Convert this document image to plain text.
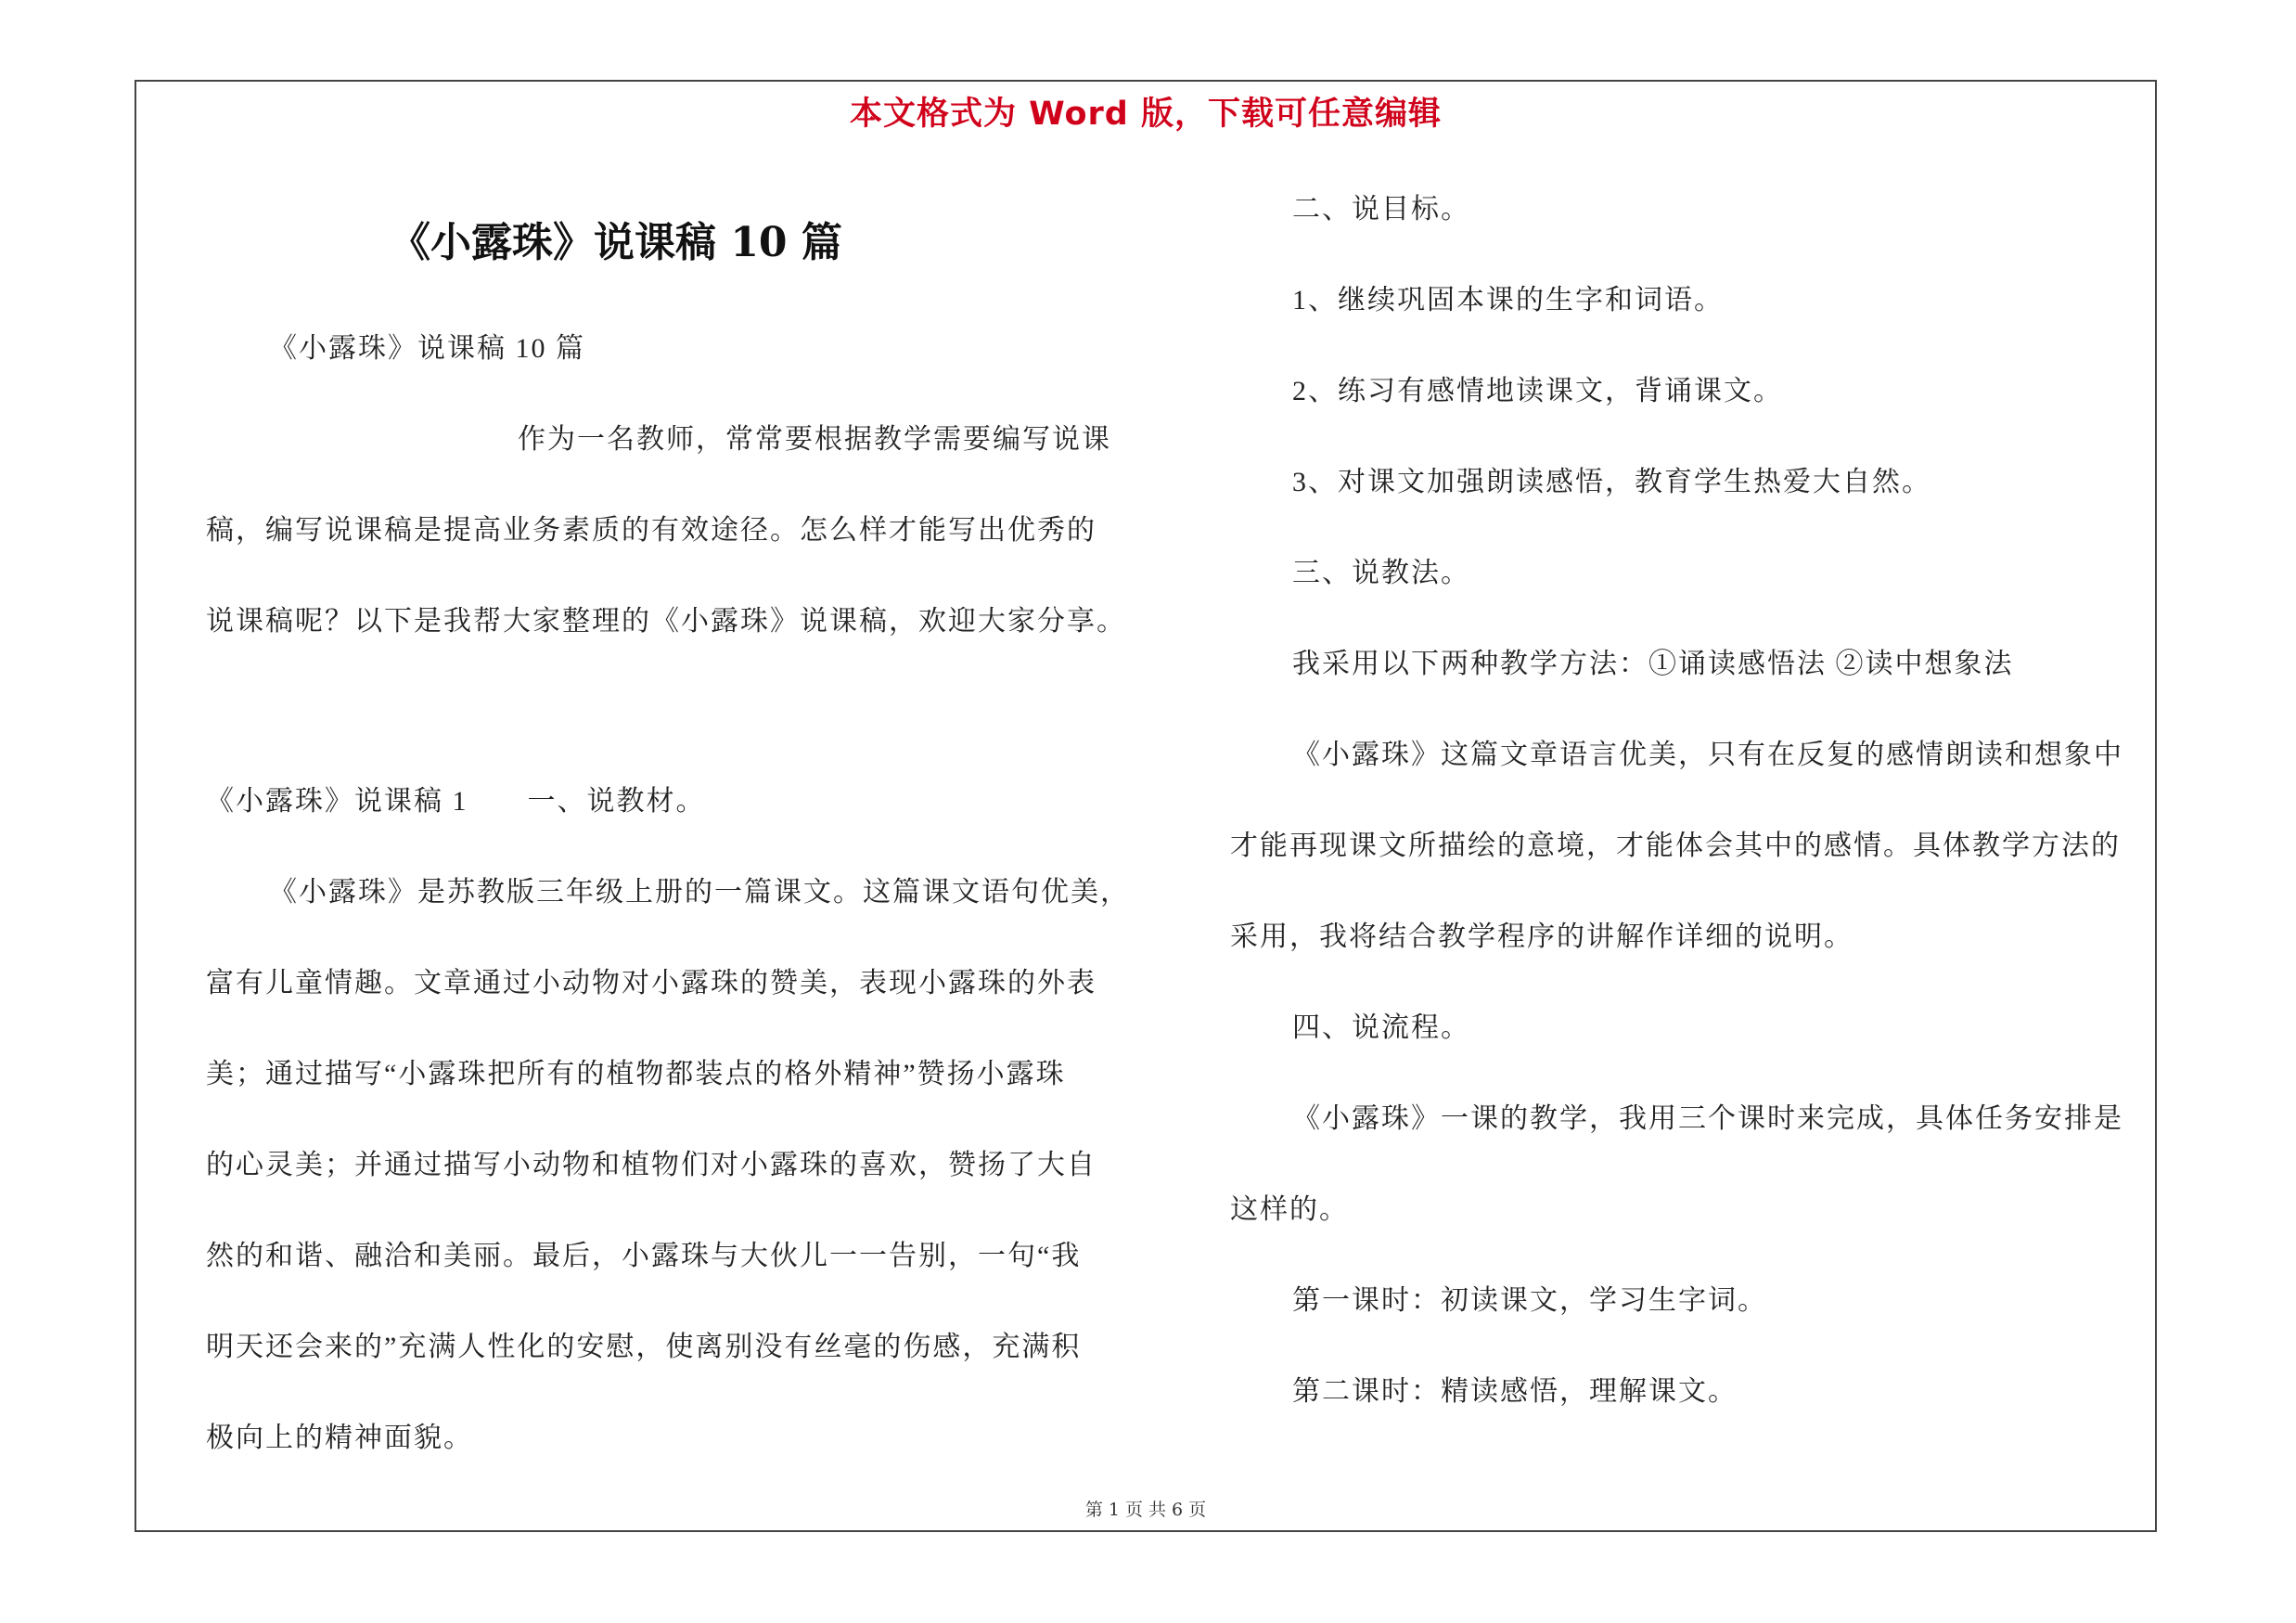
本文格式为 Word 版，下载可任意编辑
《小露珠》说课稿 10 篇
《小露珠》说课稿 10 篇
作为一名教师，常常要根据教学需要编写说课
稿，编写说课稿是提高业务素质的有效途径。怎么样才能写出优秀的
说课稿呢？以下是我帮大家整理的《小露珠》说课稿，欢迎大家分享。
《小露珠》说课稿 1　　一、说教材。
《小露珠》是苏教版三年级上册的一篇课文。这篇课文语句优美，
富有儿童情趣。文章通过小动物对小露珠的赞美，表现小露珠的外表
美；通过描写“小露珠把所有的植物都装点的格外精神”赞扬小露珠
的心灵美；并通过描写小动物和植物们对小露珠的喜欢，赞扬了大自
然的和谐、融洽和美丽。最后，小露珠与大伙儿一一告别，一句“我
明天还会来的”充满人性化的安慰，使离别没有丝毫的伤感，充满积
极向上的精神面貌。
二、说目标。
1、继续巩固本课的生字和词语。
2、练习有感情地读课文，背诵课文。
3、对课文加强朗读感悟，教育学生热爱大自然。
三、说教法。
我采用以下两种教学方法：①诵读感悟法 ②读中想象法
《小露珠》这篇文章语言优美，只有在反复的感情朗读和想象中
才能再现课文所描绘的意境，才能体会其中的感情。具体教学方法的
采用，我将结合教学程序的讲解作详细的说明。
四、说流程。
《小露珠》一课的教学，我用三个课时来完成，具体任务安排是
这样的。
第一课时：初读课文，学习生字词。
第二课时：精读感悟，理解课文。
第 1 页 共 6 页
